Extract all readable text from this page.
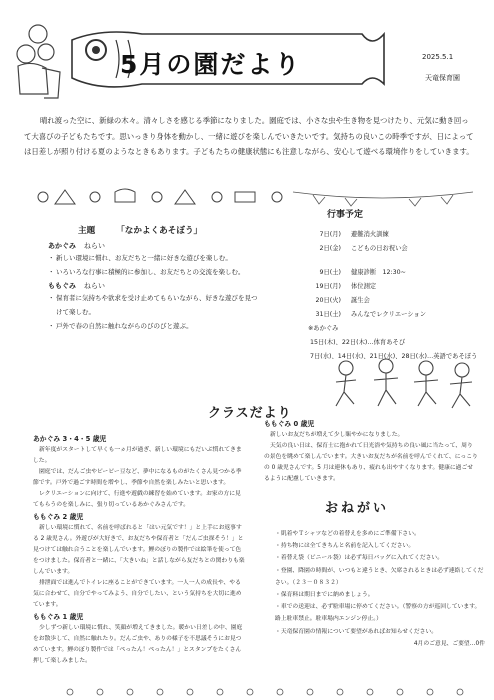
5月の園だより	2025.5.1
天竜保育園
晴れ渡った空に、新緑の木々。清々しさを感じる季節になりました。園庭では、小さな虫や生き物を見つけたり、元気に動き回って大喜びの子どもたちです。思いっきり身体を動かし、一緒に遊びを楽しんでいきたいです。気持ちの良いこの時季ですが、日によっては日差しが照り付ける夏のようなときもあります。子どもたちの健康状態にも注意しながら、安心して遊べる環境作りをしていきます。
主題 「なかよくあそぼう」
あかぐみ ねらい
・ 新しい環境に慣れ、お友だちと一緒に好きな遊びを楽しむ。
・ いろいろな行事に積極的に参加し、お友だちとの交流を楽しむ。
ももぐみ ねらい
・ 保育者に気持ちや欲求を受け止めてもらいながら、好きな遊びを見つけて楽しむ。
・ 戸外で春の自然に触れながらのびのびと遊ぶ。
行事予定
7日(月) 避難消火訓練
2日(金) こどもの日お祝い会
9日(土) 健康診断　12:30~
19日(月) 体位測定
20日(火) 誕生会
31日(土) みんなでレクリエーション
※あかぐみ
15日(木)、22日(木)…体育あそび
7日(水)、14日(水)、21日(水)、28日(水)…英語であそぼう
クラスだより
あかぐみ 3・4・5 歳児

新年度がスタートして早くも一ヵ月が過ぎ、新しい環境にもだいぶ慣れてきました。

園庭では、だんご虫やピーピー豆など、夢中になるものがたくさん見つかる季節です。戸外で過ごす時間を増やし、季節や自然を楽しみたいと思います。

レクリエーションに向けて、行進や遊戯の練習を始めています。お家の方に見てもらうのを楽しみに、張り切っているあかぐみさんです。

ももぐみ 2 歳児

新しい環境に慣れて、名前を呼ばれると「はい元気です！」と上手にお返事する 2 歳児さん。外遊びが大好きで、お友だちや保育者と「だんご虫探そう！」と見つけては触れ合うことを楽しんでいます。鯉のぼりの製作では絵筆を使って色をつけました。保育者と一緒に、「大きいね」と話しながら友だちとの関わりも楽しんでいます。

排泄面では進んでトイレに座ることができています。一人一人の成長や、やる気に合わせて、自分でやってみよう、自分でしたい、という気持ちを大切に進めています。

ももぐみ 1 歳児

少しずつ新しい環境に慣れ、笑顔が増えてきました。暖かい日差しの中、園庭をお散歩して、自然に触れたり。だんご虫や、ありの様子を不思議そうにお見つめています。鯉のぼり製作では「ぺったん！ぺったん！」とスタンプをたくさん押して楽しみました。

ももぐみ 0 歳児

新しいお友だちが増えて少し賑やかになりました。

天気の良い日は、保育士に抱かれて日光浴や気持ちの良い風に当たって、周りの景色を眺めて楽しんでいます。大きいお友だちが名前を呼んでくれて、にっこりの 0 歳児さんです。5 月は連休もあり、疲れも出やすくなります。健康に過ごせるように配慮していきます。

おねがい
・肌着やＴシャツなどの着替えを多めにご準備下さい。
・持ち物には全てきちんと名前を記入してください。
・着替え袋（ビニール袋）は必ず毎日バッグに入れてください。
・登園、降園の時間が、いつもと違うとき、欠席されるときは必ず連絡してください。（２３－０８３２）
・保育料は期日までに納めましょう。
・車での送迎は、必ず駐車場に停めてください。（警察の方が巡回しています。路上駐車禁止。駐車場内エンジン停止。）
・天竜保育園の情報について要望があればお知らせください。
4月のご意見、ご要望…0件
